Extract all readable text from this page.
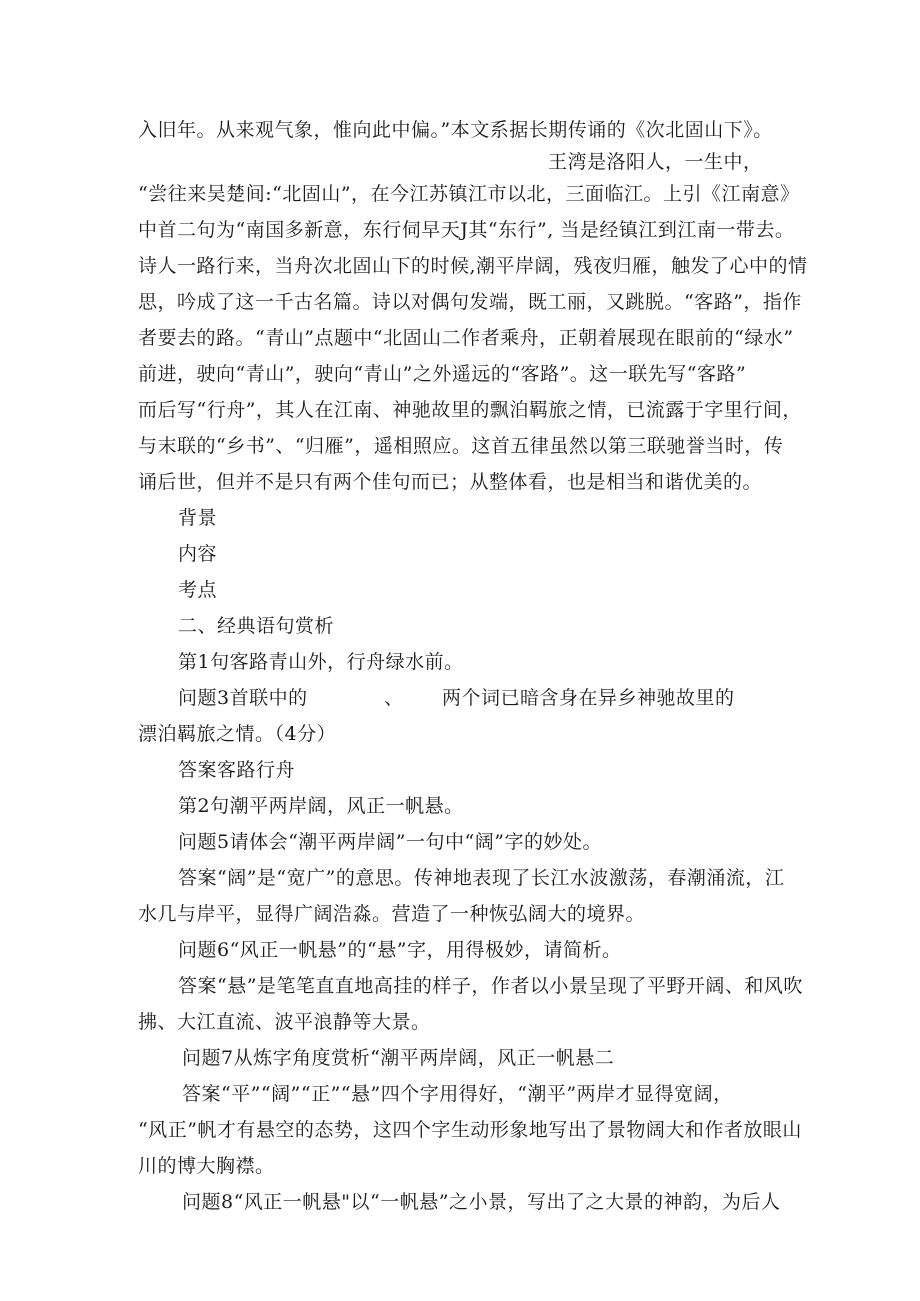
入旧年。从来观气象，惟向此中偏。”本文系据长期传诵的《次北固山下》。

王湾是洛阳人，一生中，

“尝往来吴楚间:“北固山”，在今江苏镇江市以北，三面临江。上引《江南意》

中首二句为“南国多新意，东行伺早天J其“东行”, 当是经镇江到江南一带去。

诗人一路行来，当舟次北固山下的时候,潮平岸阔，残夜归雁，触发了心中的情

思，吟成了这一千古名篇。诗以对偶句发端，既工丽，又跳脱。“客路”，指作

者要去的路。“青山”点题中“北固山二作者乘舟，正朝着展现在眼前的“绿水”

前进，驶向“青山”，驶向“青山”之外遥远的“客路”。这一联先写“客路”

而后写“行舟”，其人在江南、神驰故里的飘泊羁旅之情，已流露于字里行间，

与末联的“乡书”、“归雁”，遥相照应。这首五律虽然以第三联驰誉当时，传

诵后世，但并不是只有两个佳句而已；从整体看，也是相当和谐优美的。

背景

内容

考点

二、经典语句赏析

第1句客路青山外，行舟绿水前。

问题3首联中的	、 两个词已暗含身在异乡神驰故里的

漂泊羁旅之情。（4分）

答案客路行舟

第2句潮平两岸阔，风正一帆悬。

问题5请体会“潮平两岸阔”一句中“阔”字的妙处。

答案“阔”是“宽广”的意思。传神地表现了长江水波激荡，春潮涌流，江

水几与岸平，显得广阔浩淼。营造了一种恢弘阔大的境界。

问题6“风正一帆悬”的“悬”字，用得极妙，请简析。

答案“悬”是笔笔直直地高挂的样子，作者以小景呈现了平野开阔、和风吹

拂、大江直流、波平浪静等大景。

问题7从炼字角度赏析“潮平两岸阔，风正一帆悬二

答案“平”“阔”“正”“悬”四个字用得好，“潮平”两岸才显得宽阔，

“风正”帆才有悬空的态势，这四个字生动形象地写出了景物阔大和作者放眼山

川的博大胸襟。

问题8“风正一帆悬"以“一帆悬”之小景，写出了之大景的神韵，为后人
